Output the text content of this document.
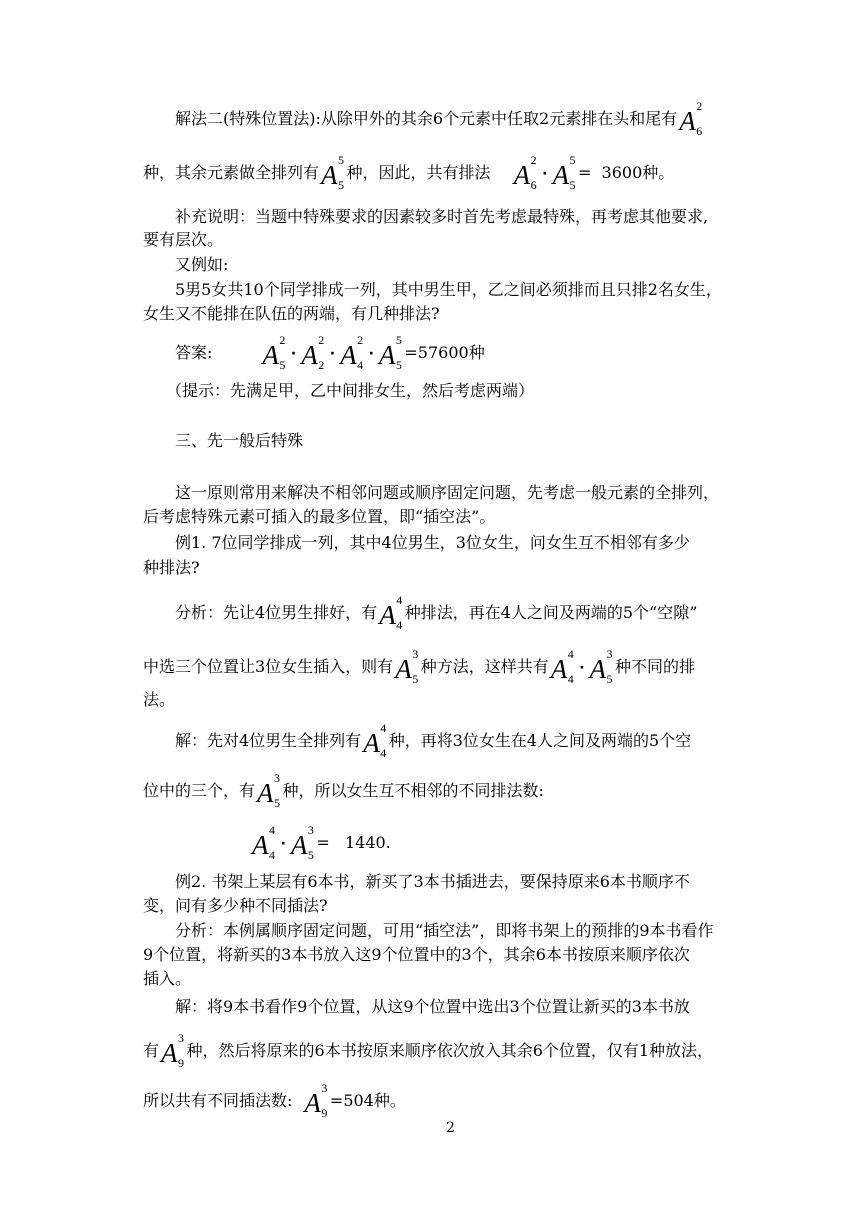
解法二(特殊位置法):从除甲外的其余6个元素中任取2元素排在头和尾有A 2
6
种，其余元素做全排列有A 5
5
种，因此，共有排法 A 2
6
· A 5
5
= 3600种。
补充说明：当题中特殊要求的因素较多时首先考虑最特殊，再考虑其他要求,
要有层次。
又例如:
5男5女共10个同学排成一列，其中男生甲，乙之间必须排而且只排2名女生，
女生又不能排在队伍的两端，有几种排法?
答案: A 2
5
· A 2
2
· A 2
4
· A 5
5
=57600种
（提示：先满足甲，乙中间排女生，然后考虑两端）
三、先一般后特殊
这一原则常用来解决不相邻问题或顺序固定问题，先考虑一般元素的全排列，
后考虑特殊元素可插入的最多位置，即“插空法”。
例1. 7位同学排成一列，其中4位男生，3位女生，问女生互不相邻有多少
种排法?
分析：先让4位男生排好，有A 4
4
种排法，再在4人之间及两端的5个“空隙”
中选三个位置让3位女生插入，则有A 3
5
种方法，这样共有A 4
4
· A 3
5
种不同的排
法。
解：先对4位男生全排列有A 4
4
种，再将3位女生在4人之间及两端的5个空
位中的三个，有A 3
5
种，所以女生互不相邻的不同排法数:
A 4
4
· A 3
5
= 1440.
例2. 书架上某层有6本书，新买了3本书插进去，要保持原来6本书顺序不
变，问有多少种不同插法?
分析：本例属顺序固定问题，可用“插空法”，即将书架上的预排的9本书看作
9个位置，将新买的3本书放入这9个位置中的3个，其余6本书按原来顺序依次
插入。
解：将9本书看作9个位置，从这9个位置中选出3个位置让新买的3本书放
有A 3
9
种，然后将原来的6本书按原来顺序依次放入其余6个位置，仅有1种放法，
所以共有不同插法数: A 3
9
=504种。
2
